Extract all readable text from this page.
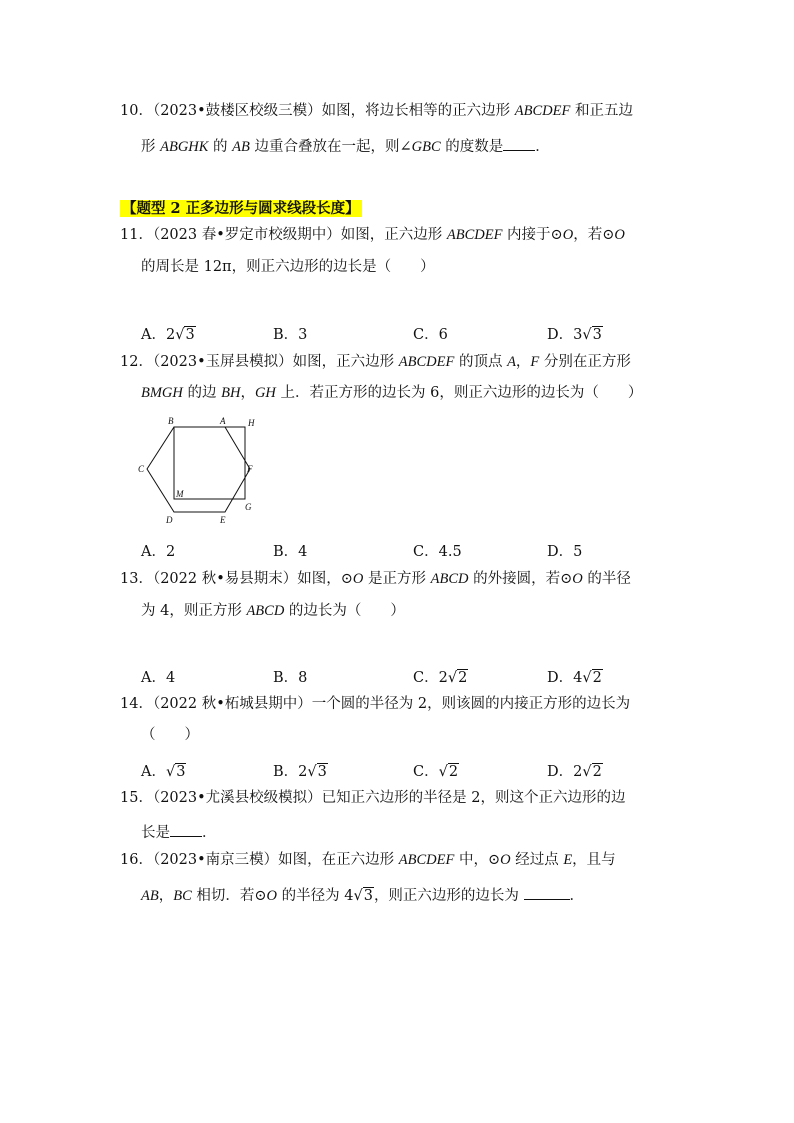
10．（2023•鼓楼区校级三模）如图，将边长相等的正六边形 ABCDEF 和正五边
形 ABGHK 的 AB 边重合叠放在一起，则∠GBC 的度数是 ．
【题型 2 正多边形与圆求线段长度】
11．（2023 春•罗定市校级期中）如图，正六边形 ABCDEF 内接于⊙O，若⊙O
的周长是 12π，则正六边形的边长是（　　）
A．2√3	B．3	C．6	D．3√3
12．（2023•玉屏县模拟）如图，正六边形 ABCDEF 的顶点 A，F 分别在正方形
BMGH 的边 BH，GH 上．若正方形的边长为 6，则正六边形的边长为（　　）
B	A	H
C	F
M
G
D	E
A．2	B．4	C．4.5	D．5
13．（2022 秋•易县期末）如图，⊙O 是正方形 ABCD 的外接圆，若⊙O 的半径
为 4，则正方形 ABCD 的边长为（　　）
A．4	B．8	C．2√2	D．4√2
14．（2022 秋•柘城县期中）一个圆的半径为 2，则该圆的内接正方形的边长为
（　　）
A．√3	B．2√3	C．√2	D．2√2
15．（2023•尤溪县校级模拟）已知正六边形的半径是 2，则这个正六边形的边
长是 ．
16．（2023•南京三模）如图，在正六边形 ABCDEF 中，⊙O 经过点 E，且与
AB，BC 相切．若⊙O 的半径为 4√3，则正六边形的边长为	．
